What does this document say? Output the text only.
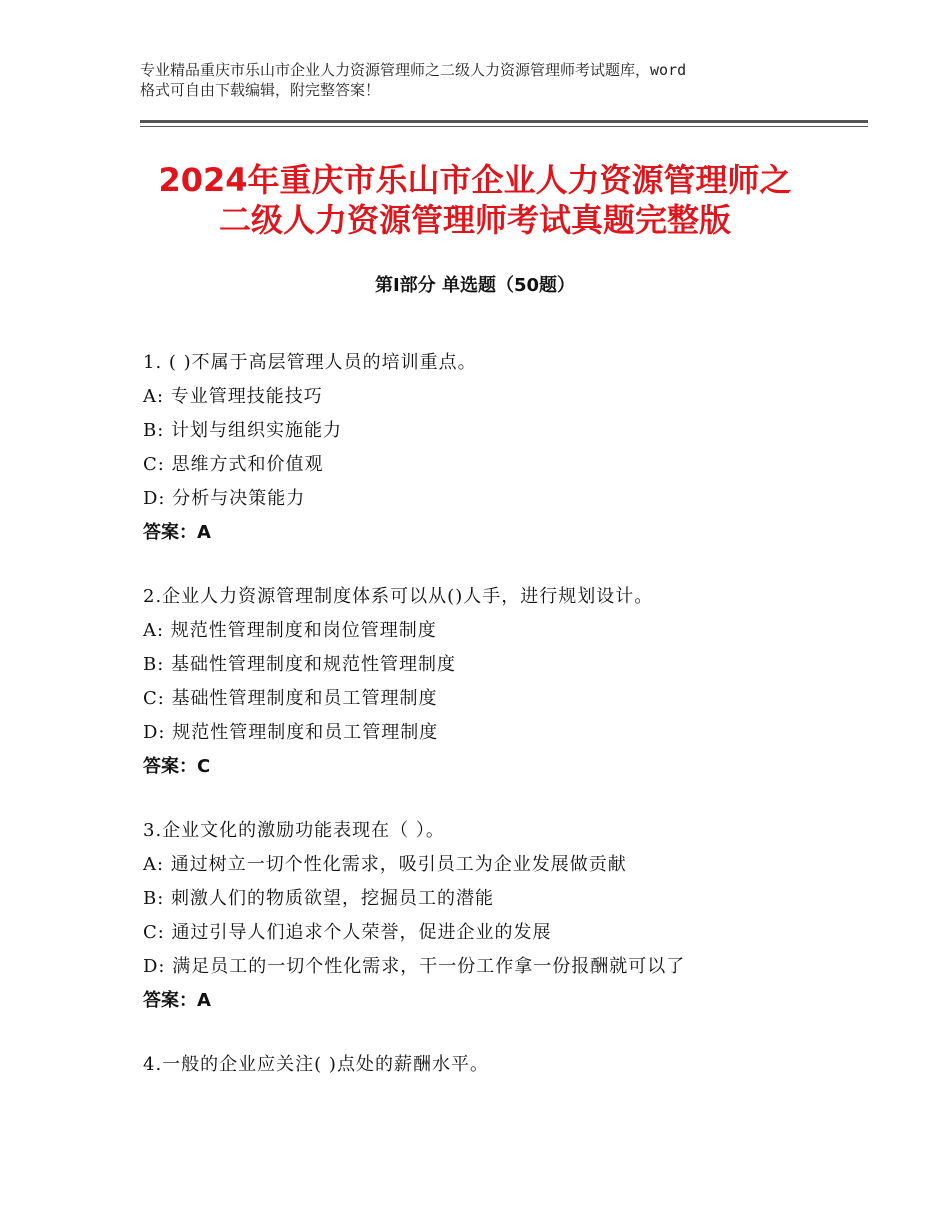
专业精品重庆市乐山市企业人力资源管理师之二级人力资源管理师考试题库，word
格式可自由下载编辑，附完整答案！
2024年重庆市乐山市企业人力资源管理师之
二级人力资源管理师考试真题完整版
第Ⅰ部分 单选题（50题）
1. ( )不属于高层管理人员的培训重点。
A: 专业管理技能技巧
B: 计划与组织实施能力
C: 思维方式和价值观
D: 分析与决策能力
答案：A
2.企业人力资源管理制度体系可以从()人手，进行规划设计。
A: 规范性管理制度和岗位管理制度
B: 基础性管理制度和规范性管理制度
C: 基础性管理制度和员工管理制度
D: 规范性管理制度和员工管理制度
答案：C
3.企业文化的激励功能表现在（ ）。
A: 通过树立一切个性化需求，吸引员工为企业发展做贡献
B: 刺激人们的物质欲望，挖掘员工的潜能
C: 通过引导人们追求个人荣誉，促进企业的发展
D: 满足员工的一切个性化需求，干一份工作拿一份报酬就可以了
答案：A
4.一般的企业应关注( )点处的薪酬水平。
